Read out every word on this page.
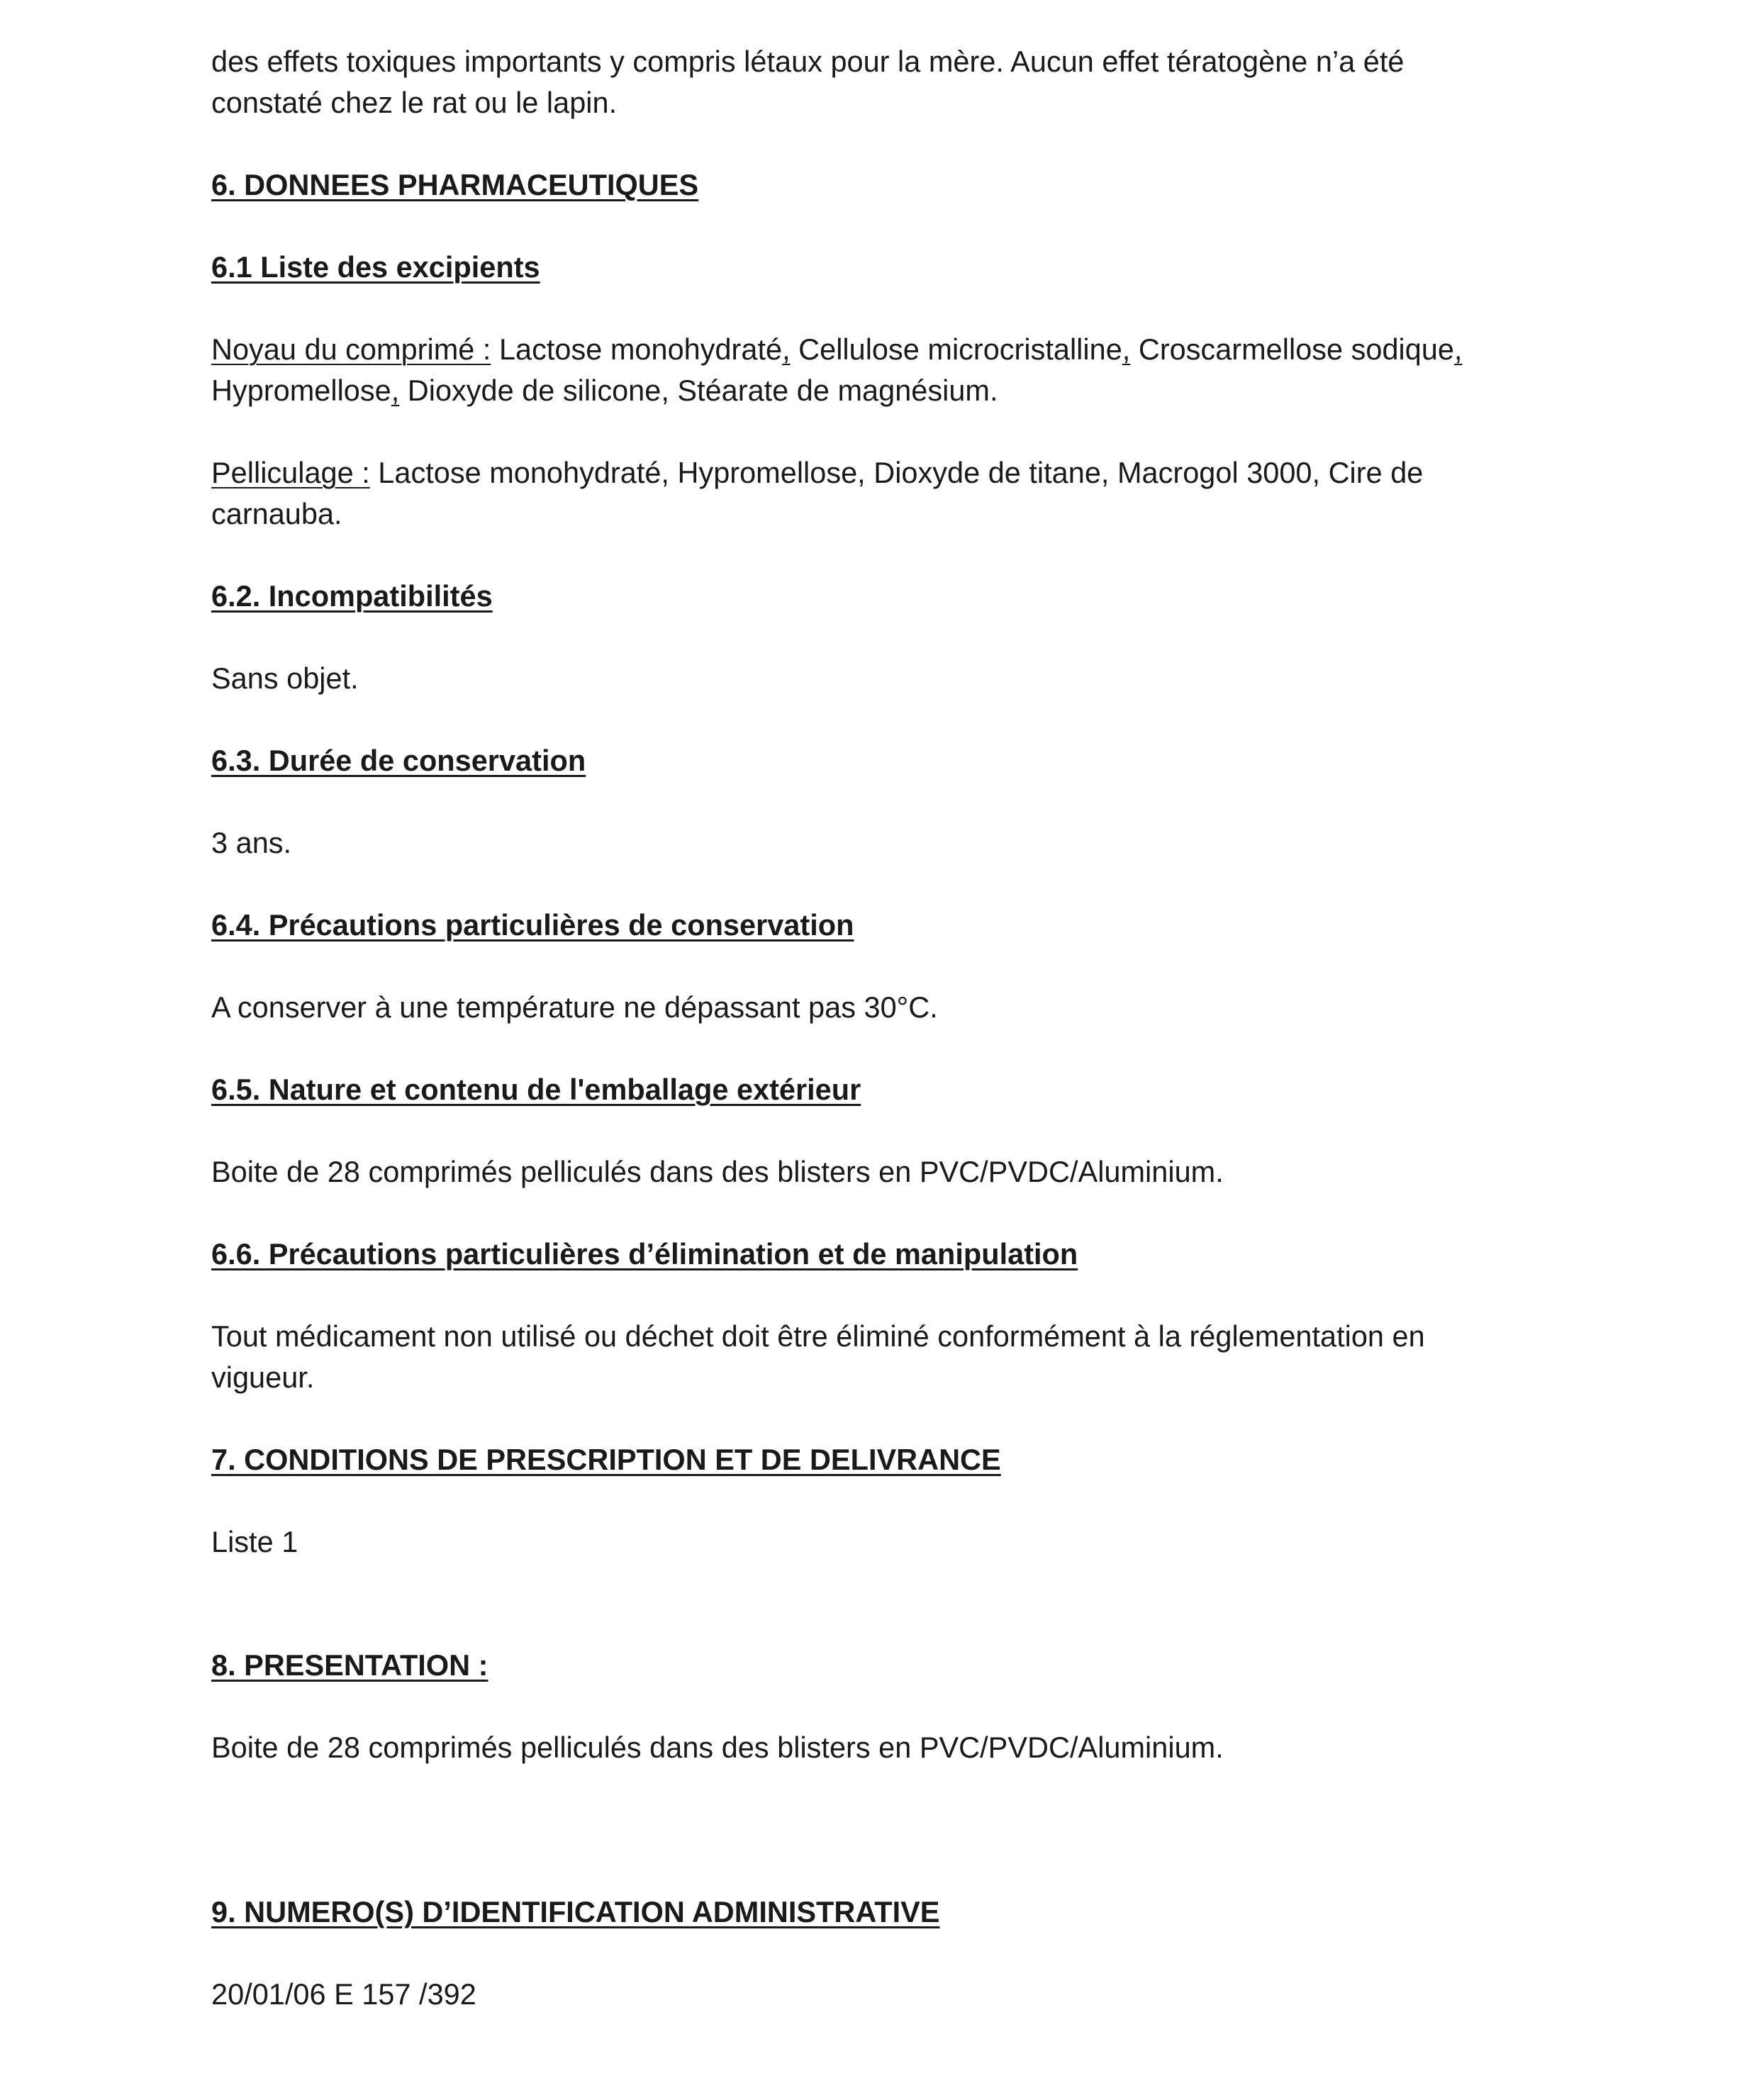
des effets toxiques importants y compris létaux pour la mère. Aucun effet tératogène n’a été

constaté chez le rat ou le lapin.

6. DONNEES PHARMACEUTIQUES

6.1 Liste des excipients

Noyau du comprimé : Lactose monohydraté, Cellulose microcristalline, Croscarmellose sodique,

Hypromellose, Dioxyde de silicone, Stéarate de magnésium.

Pelliculage : Lactose monohydraté, Hypromellose, Dioxyde de titane, Macrogol 3000, Cire de

carnauba.

6.2. Incompatibilités

Sans objet.

6.3. Durée de conservation

3 ans.

6.4. Précautions particulières de conservation

A conserver à une température ne dépassant pas 30°C.

6.5. Nature et contenu de l'emballage extérieur

Boite de 28 comprimés pelliculés dans des blisters en PVC/PVDC/Aluminium.

6.6. Précautions particulières d’élimination et de manipulation

Tout médicament non utilisé ou déchet doit être éliminé conformément à la réglementation en

vigueur.

7. CONDITIONS DE PRESCRIPTION ET DE DELIVRANCE

Liste 1

8. PRESENTATION :

Boite de 28 comprimés pelliculés dans des blisters en PVC/PVDC/Aluminium.

9. NUMERO(S) D’IDENTIFICATION ADMINISTRATIVE

20/01/06 E 157 /392
